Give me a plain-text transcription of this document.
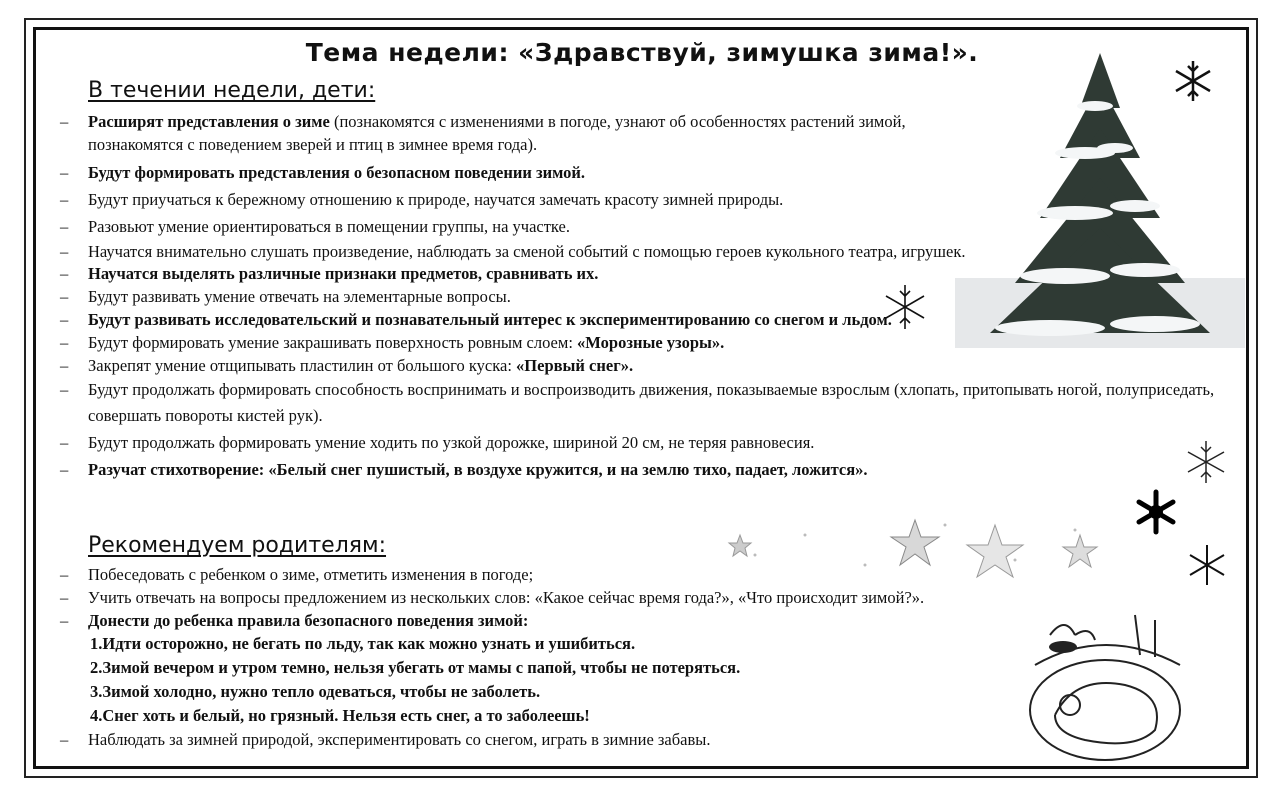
Тема недели: «Здравствуй, зимушка зима!».
В течении недели, дети:
– Расширят представления о зиме (познакомятся с изменениями в погоде, узнают об особенностях растений зимой, познакомятся с поведением зверей и птиц в зимнее время года).
– Будут формировать представления о безопасном поведении зимой.
– Будут приучаться к бережному отношению к природе, научатся замечать красоту зимней природы.
– Разовьют умение ориентироваться в помещении группы, на участке.
– Научатся внимательно слушать произведение, наблюдать за сменой событий с помощью героев кукольного театра, игрушек.
– Научатся выделять различные признаки предметов, сравнивать их.
– Будут развивать умение отвечать на элементарные вопросы.
– Будут развивать исследовательский и познавательный интерес к экспериментированию со снегом и льдом.
– Будут формировать умение закрашивать поверхность ровным слоем: «Морозные узоры».
– Закрепят умение отщипывать пластилин от большого куска: «Первый снег».
– Будут продолжать формировать способность воспринимать и воспроизводить движения, показываемые взрослым (хлопать, притопывать ногой, полуприседать, совершать повороты кистей рук).
– Будут продолжать формировать умение ходить по узкой дорожке, шириной 20 см, не теряя равновесия.
– Разучат стихотворение: «Белый снег пушистый, в воздухе кружится, и на землю тихо, падает, ложится».
Рекомендуем родителям:
– Побеседовать с ребенком о зиме, отметить изменения в погоде;
– Учить отвечать на вопросы предложением из нескольких слов: «Какое сейчас время года?», «Что происходит зимой?».
– Донести до ребенка правила безопасного поведения зимой:
1.Идти осторожно, не бегать по льду, так как можно узнать и ушибиться.
2.Зимой вечером и утром темно, нельзя убегать от мамы с папой, чтобы не потеряться.
3.Зимой холодно, нужно тепло одеваться, чтобы не заболеть.
4.Снег хоть и белый, но грязный. Нельзя есть снег, а то заболеешь!
– Наблюдать за зимней природой, экспериментировать со снегом, играть в зимние забавы.
